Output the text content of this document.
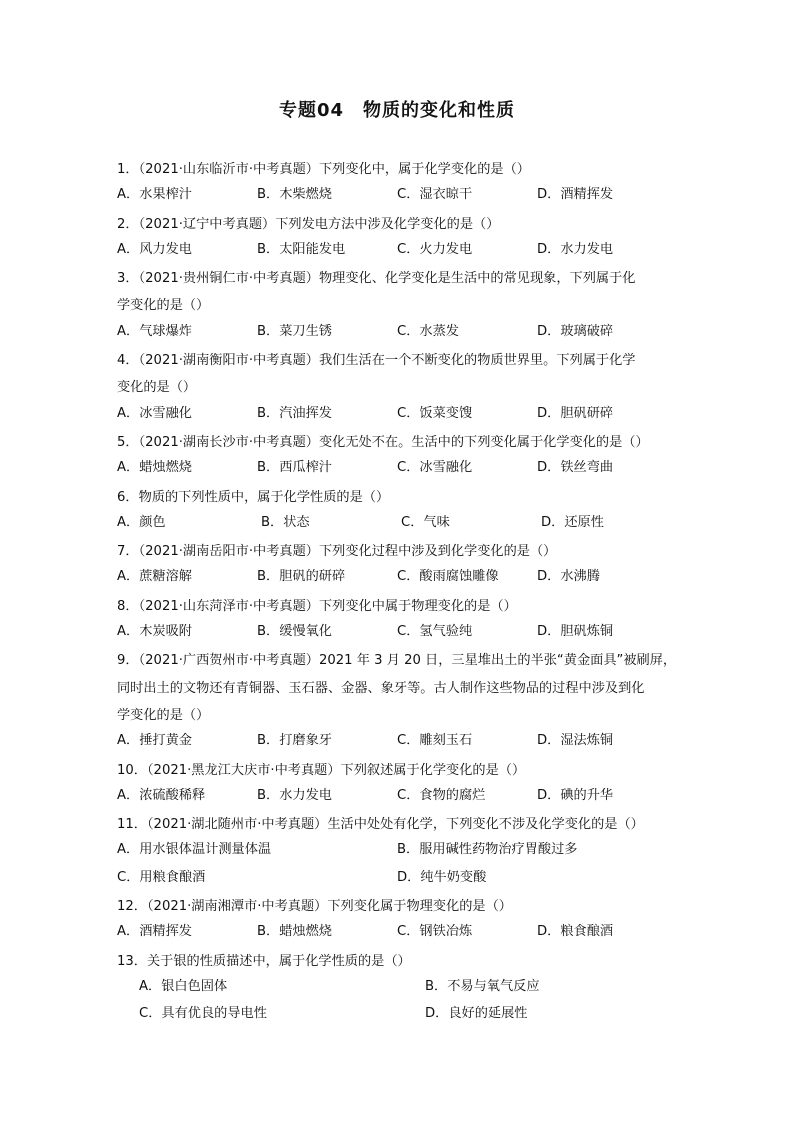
专题04　物质的变化和性质
1．（2021·山东临沂市·中考真题）下列变化中，属于化学变化的是（）
A．水果榨汁	B．木柴燃烧	C．湿衣晾干	D．酒精挥发
2．（2021·辽宁中考真题）下列发电方法中涉及化学变化的是（）
A．风力发电	B．太阳能发电	C．火力发电	D．水力发电
3．（2021·贵州铜仁市·中考真题）物理变化、化学变化是生活中的常见现象，下列属于化
学变化的是（）
A．气球爆炸	B．菜刀生锈	C．水蒸发	D．玻璃破碎
4．（2021·湖南衡阳市·中考真题）我们生活在一个不断变化的物质世界里。下列属于化学
变化的是（）
A．冰雪融化	B．汽油挥发	C．饭菜变馊	D．胆矾研碎
5．（2021·湖南长沙市·中考真题）变化无处不在。生活中的下列变化属于化学变化的是（）
A．蜡烛燃烧	B．西瓜榨汁	C．冰雪融化	D．铁丝弯曲
6．物质的下列性质中，属于化学性质的是（）
A．颜色	B．状态	C．气味	D．还原性
7．（2021·湖南岳阳市·中考真题）下列变化过程中涉及到化学变化的是（）
A．蔗糖溶解	B．胆矾的研碎	C．酸雨腐蚀雕像	D．水沸腾
8．（2021·山东菏泽市·中考真题）下列变化中属于物理变化的是（）
A．木炭吸附	B．缓慢氧化	C．氢气验纯	D．胆矾炼铜
9．（2021·广西贺州市·中考真题）2021 年 3 月 20 日，三星堆出土的半张“黄金面具”被刷屏，
同时出土的文物还有青铜器、玉石器、金器、象牙等。古人制作这些物品的过程中涉及到化
学变化的是（）
A．捶打黄金	B．打磨象牙	C．雕刻玉石	D．湿法炼铜
10．（2021·黑龙江大庆市·中考真题）下列叙述属于化学变化的是（）
A．浓硫酸稀释	B．水力发电	C．食物的腐烂	D．碘的升华
11．（2021·湖北随州市·中考真题）生活中处处有化学，下列变化不涉及化学变化的是（）
A．用水银体温计测量体温	B．服用碱性药物治疗胃酸过多
C．用粮食酿酒	D．纯牛奶变酸
12．（2021·湖南湘潭市·中考真题）下列变化属于物理变化的是（）
A．酒精挥发	B．蜡烛燃烧	C．钢铁冶炼	D．粮食酿酒
13．关于银的性质描述中，属于化学性质的是（）
A．银白色固体	B．不易与氧气反应
C．具有优良的导电性	D．良好的延展性
